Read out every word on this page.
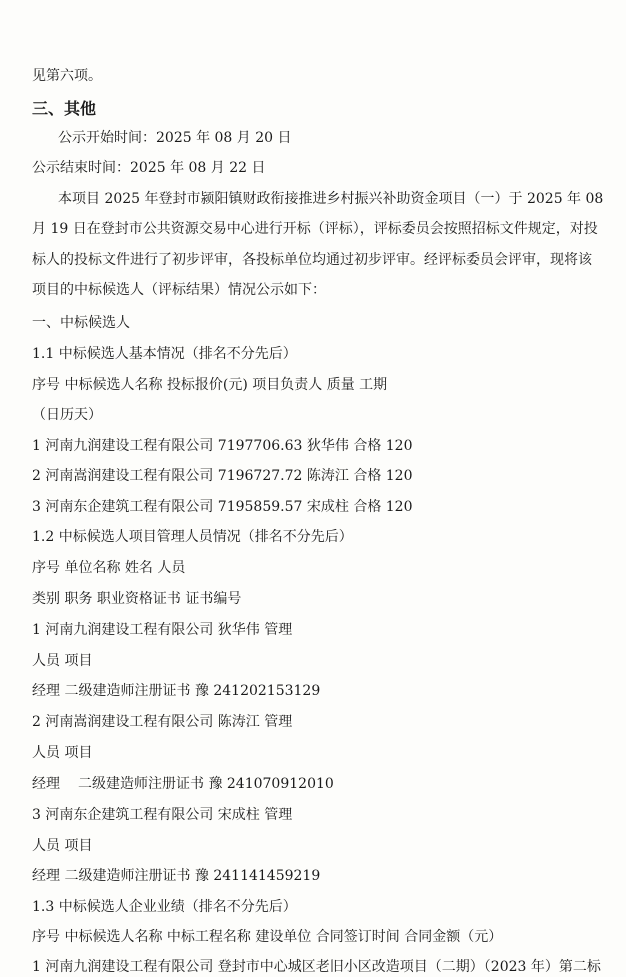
见第六项。
三、其他
公示开始时间：2025 年 08 月 20 日
公示结束时间：2025 年 08 月 22 日
本项目 2025 年登封市颍阳镇财政衔接推进乡村振兴补助资金项目（一）于 2025 年 08
月 19 日在登封市公共资源交易中心进行开标（评标），评标委员会按照招标文件规定，对投
标人的投标文件进行了初步评审，各投标单位均通过初步评审。经评标委员会评审，现将该
项目的中标候选人（评标结果）情况公示如下：
一、中标候选人
1.1 中标候选人基本情况（排名不分先后）
序号 中标候选人名称 投标报价(元) 项目负责人 质量 工期
（日历天）
1 河南九润建设工程有限公司 7197706.63 狄华伟 合格 120
2 河南嵩润建设工程有限公司 7196727.72 陈涛江 合格 120
3 河南东企建筑工程有限公司 7195859.57 宋成柱 合格 120
1.2 中标候选人项目管理人员情况（排名不分先后）
序号 单位名称 姓名 人员
类别 职务 职业资格证书 证书编号
1 河南九润建设工程有限公司 狄华伟 管理
人员 项目
经理 二级建造师注册证书 豫 241202153129
2 河南嵩润建设工程有限公司 陈涛江 管理
人员 项目
经理 二级建造师注册证书 豫 241070912010
3 河南东企建筑工程有限公司 宋成柱 管理
人员 项目
经理 二级建造师注册证书 豫 241141459219
1.3 中标候选人企业业绩（排名不分先后）
序号 中标候选人名称 中标工程名称 建设单位 合同签订时间 合同金额（元）
1 河南九润建设工程有限公司 登封市中心城区老旧小区改造项目（二期）（2023 年）第二标
